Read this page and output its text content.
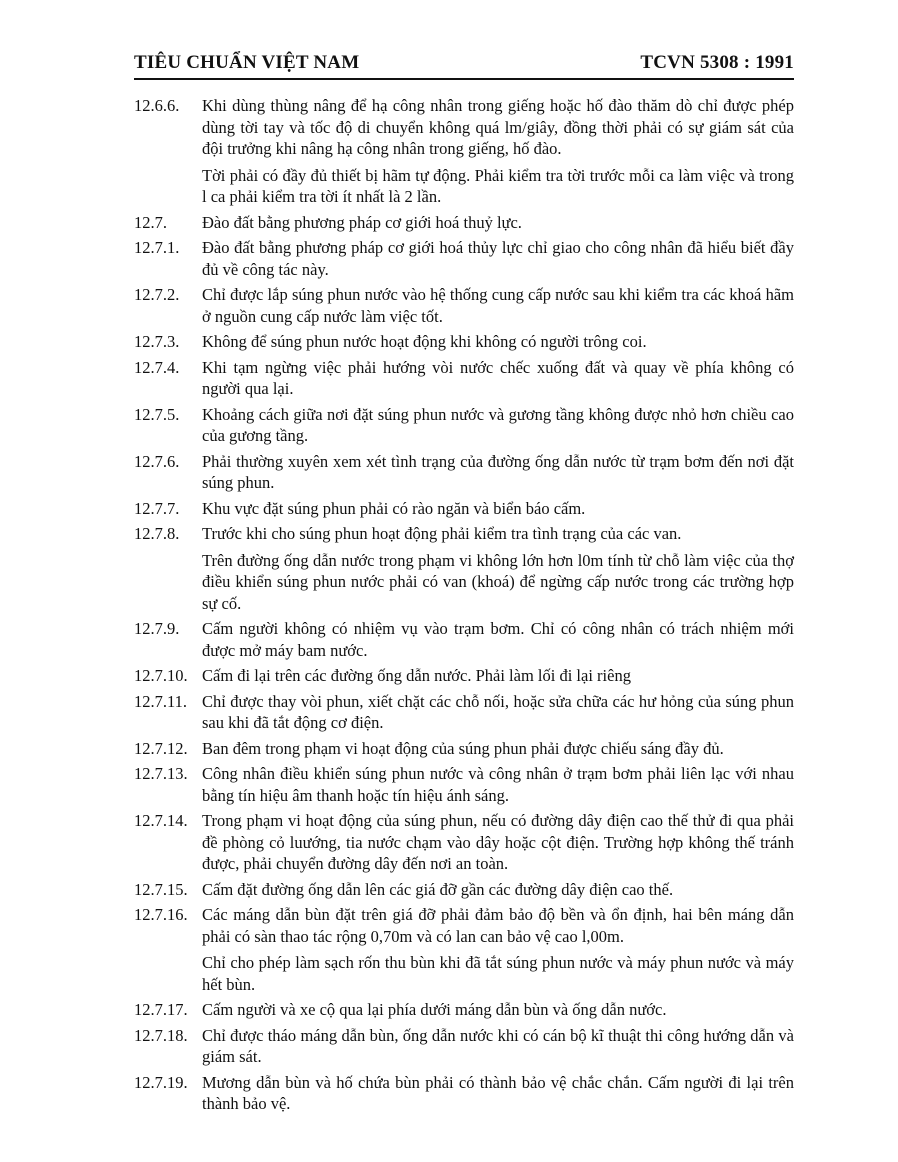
TIÊU CHUẨN VIỆT NAM	TCVN 5308 : 1991
12.6.6.	Khi dùng thùng nâng để hạ công nhân trong giếng hoặc hố đào thăm dò chỉ được phép dùng tời tay và tốc độ di chuyển không quá lm/giây, đồng thời phải có sự giám sát của đội trưởng khi nâng hạ công nhân trong giếng, hố đào.

Tời phải có đầy đủ thiết bị hãm tự động. Phải kiểm tra tời trước mỗi ca làm việc và trong l ca phải kiểm tra tời ít nhất là 2 lần.

12.7.	Đào đất bằng phương pháp cơ giới hoá thuỷ lực.

12.7.1.	Đào đất bằng phương pháp cơ giới hoá thủy lực chỉ giao cho công nhân đã hiểu biết đầy đủ về công tác này.

12.7.2.	Chỉ được lắp súng phun nước vào hệ thống cung cấp nước sau khi kiểm tra các khoá hãm ở nguồn cung cấp nước làm việc tốt.

12.7.3.	Không để súng phun nước hoạt động khi không có người trông coi.

12.7.4.	Khi tạm ngừng việc phải hướng vòi nước chếc xuống đất và quay về phía không có người qua lại.

12.7.5.	Khoảng cách giữa nơi đặt súng phun nước và gương tầng không được nhỏ hơn chiều cao của gương tầng.

12.7.6.	Phải thường xuyên xem xét tình trạng của đường ống dẫn nước từ trạm bơm đến nơi đặt súng phun.

12.7.7.	Khu vực đặt súng phun phải có rào ngăn và biển báo cấm.

12.7.8.	Trước khi cho súng phun hoạt động phải kiểm tra tình trạng của các van.

Trên đường ống dẫn nước trong phạm vi không lớn hơn l0m tính từ chỗ làm việc của thợ điều khiển súng phun nước phải có van (khoá) để ngừng cấp nước trong các trường hợp sự cố.

12.7.9.	Cấm người không có nhiệm vụ vào trạm bơm. Chỉ có công nhân có trách nhiệm mới được mở máy bam nước.

12.7.10. Cấm đi lại trên các đường ống dẫn nước. Phải làm lối đi lại riêng

12.7.11. Chỉ được thay vòi phun, xiết chặt các chỗ nối, hoặc sửa chữa các hư hỏng của súng phun sau khi đã tắt động cơ điện.

12.7.12. Ban đêm trong phạm vi hoạt động của súng phun phải được chiếu sáng đầy đủ.

12.7.13. Công nhân điều khiển súng phun nước và công nhân ở trạm bơm phải liên lạc với nhau bằng tín hiệu âm thanh hoặc tín hiệu ánh sáng.

12.7.14. Trong phạm vi hoạt động của súng phun, nếu có đường dây điện cao thế thử đi qua phải đề phòng cỏ luướng, tia nước chạm vào dây hoặc cột điện. Trường hợp không thế tránh được, phải chuyển đường dây đến nơi an toàn.

12.7.15. Cấm đặt đường ống dẫn lên các giá đỡ gần các đường dây điện cao thế.

12.7.16. Các máng dẫn bùn đặt trên giá đỡ phải đảm bảo độ bền và ổn định, hai bên máng dẫn phải có sàn thao tác rộng 0,70m và có lan can bảo vệ cao l,00m.

Chỉ cho phép làm sạch rốn thu bùn khi đã tắt súng phun nước và máy phun nước và máy hết bùn.

12.7.17. Cấm người và xe cộ qua lại phía dưới máng dẫn bùn và ống dẫn nước.

12.7.18. Chỉ được tháo máng dẫn bùn, ống dẫn nước khi có cán bộ kĩ thuật thi công hướng dẫn và giám sát.

12.7.19. Mương dẫn bùn và hố chứa bùn phải có thành bảo vệ chắc chắn. Cấm người đi lại trên thành bảo vệ.
